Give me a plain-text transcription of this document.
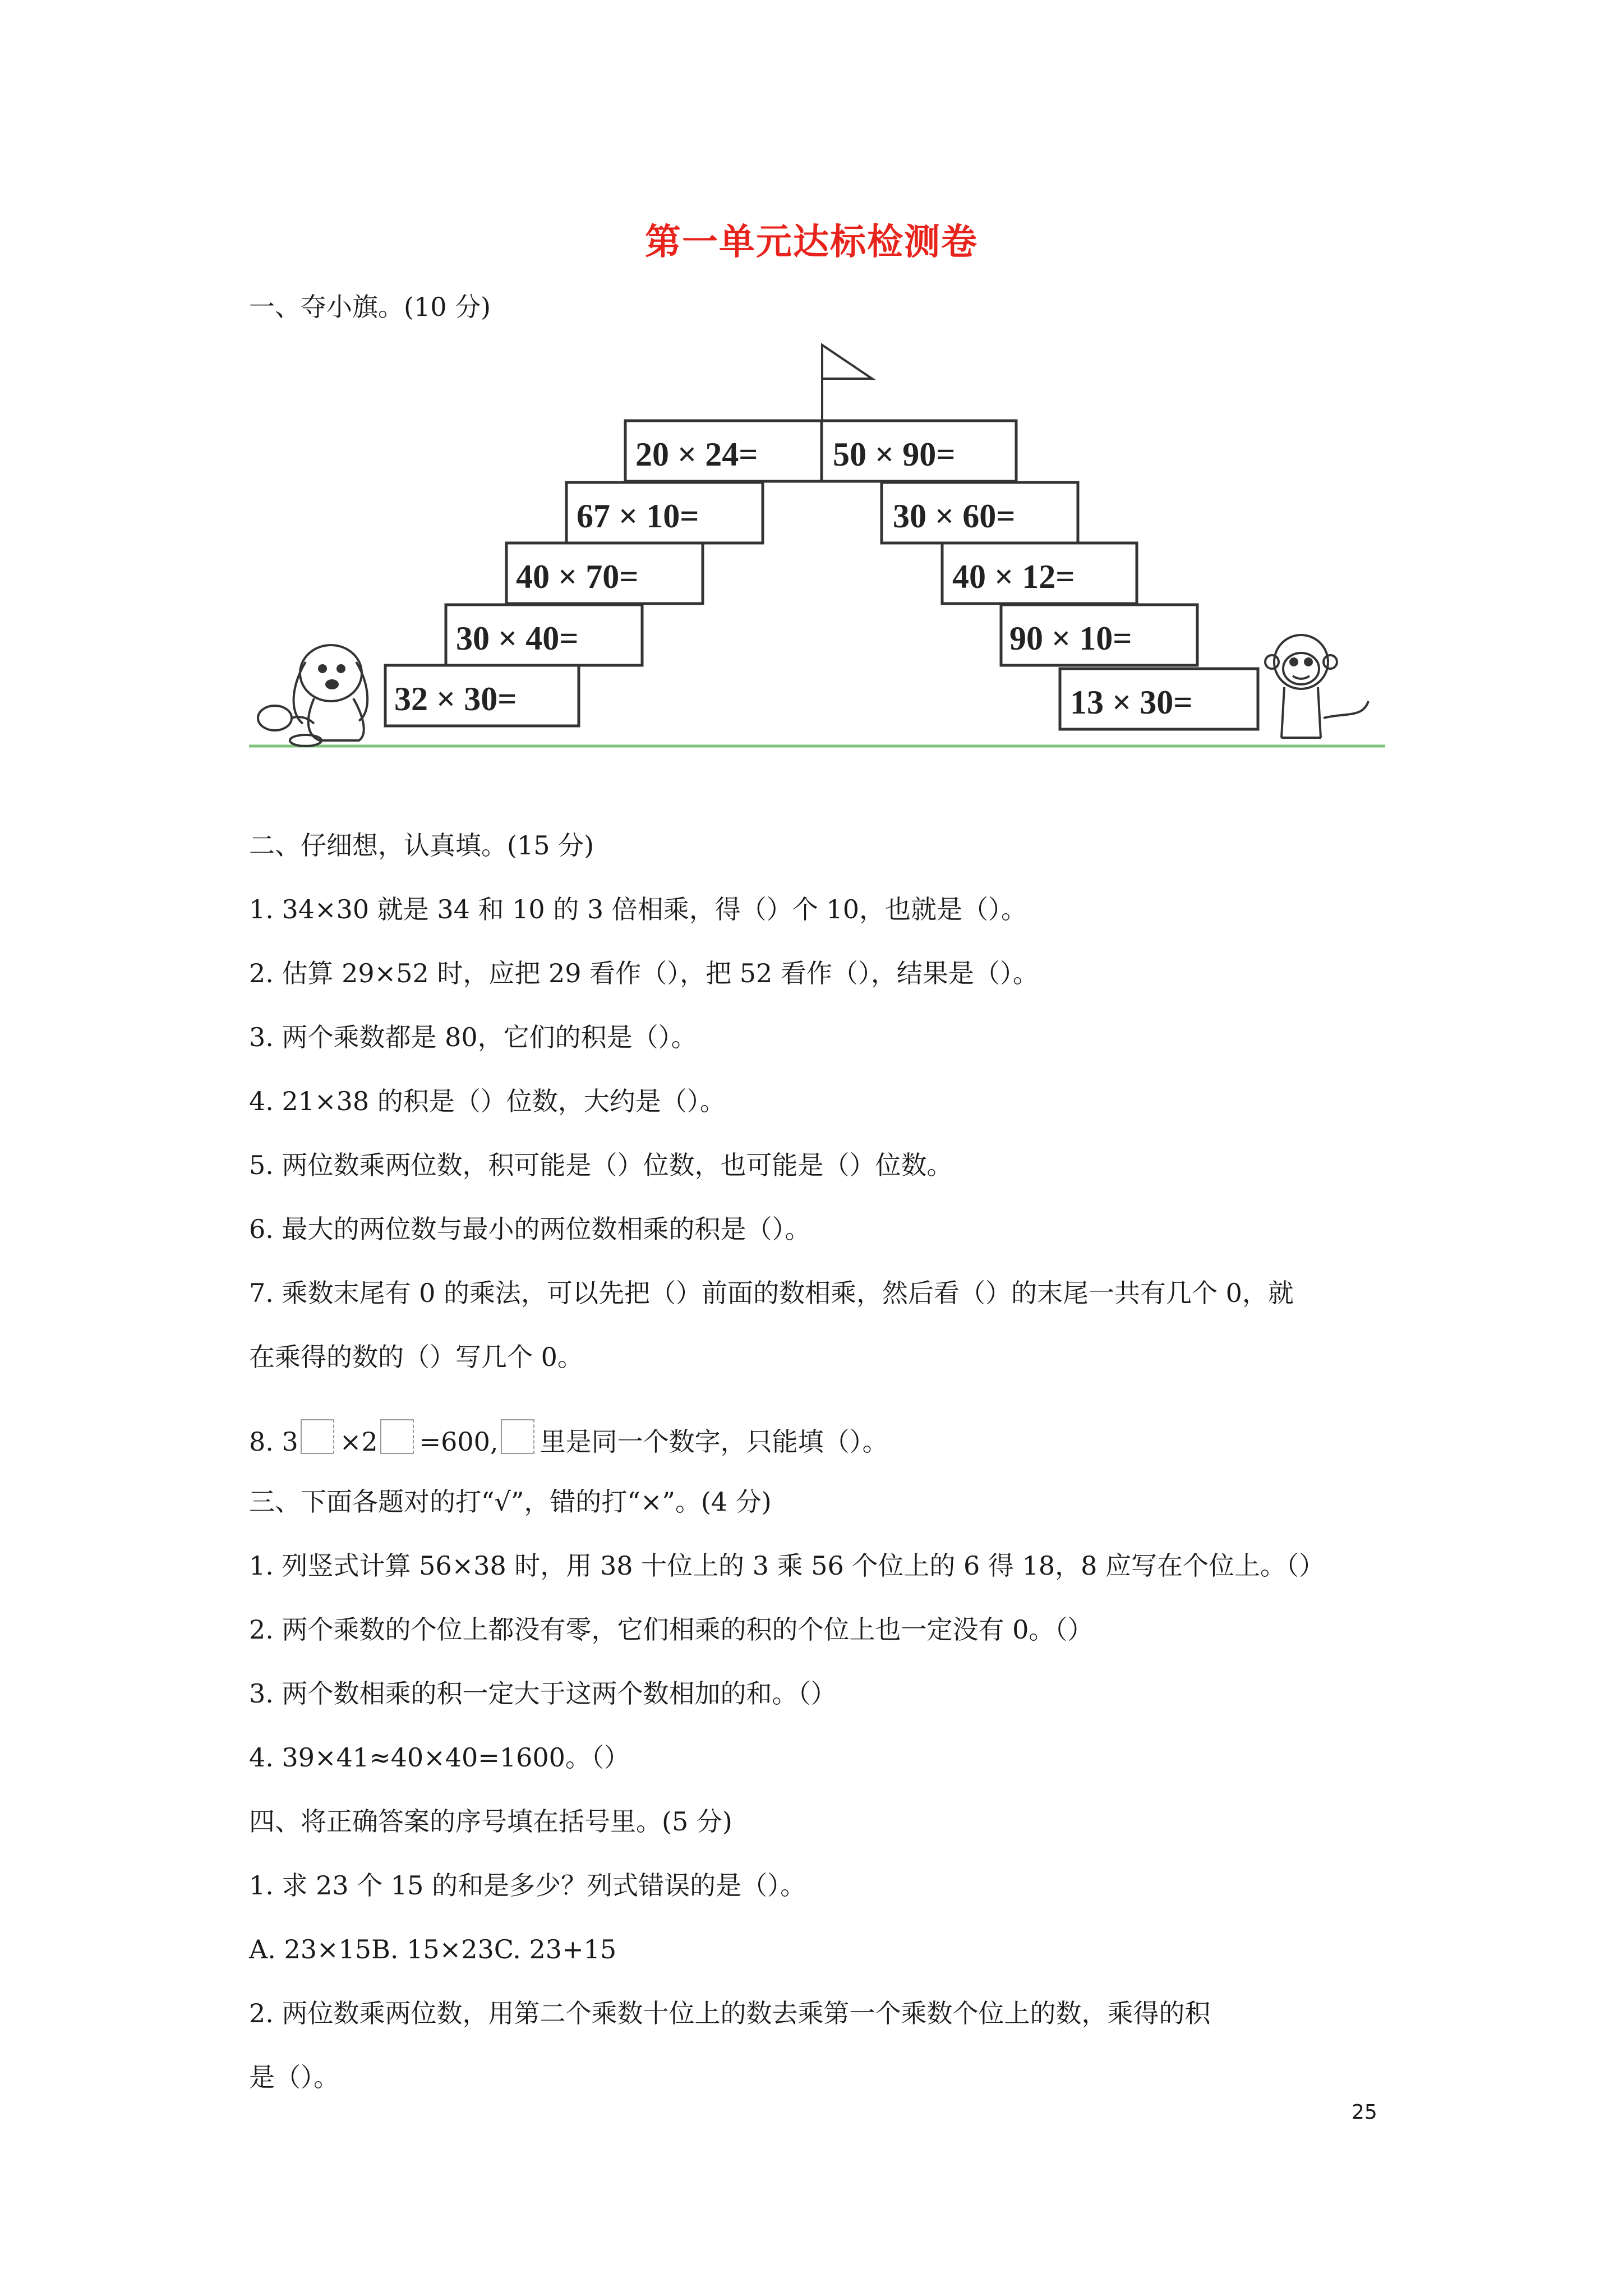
第一单元达标检测卷
一、夺小旗。(10 分)
20 × 24= 50 × 90=
67 × 10=	30 × 60=
40 × 70=	40 × 12=
30 × 40=	90 × 10=
32 × 30=	13 × 30=
二、仔细想，认真填。(15 分)
1. 34×30 就是 34 和 10 的 3 倍相乘，得（）个 10，也就是（）。
2. 估算 29×52 时，应把 29 看作（），把 52 看作（），结果是（）。
3. 两个乘数都是 80，它们的积是（）。
4. 21×38 的积是（）位数，大约是（）。
5. 两位数乘两位数，积可能是（）位数，也可能是（）位数。
6. 最大的两位数与最小的两位数相乘的积是（）。
7. 乘数末尾有 0 的乘法，可以先把（）前面的数相乘，然后看（）的末尾一共有几个 0，就
在乘得的数的（）写几个 0。
8. 3 ×2 =600, 里是同一个数字，只能填（）。
三、下面各题对的打“√”，错的打“×”。(4 分)
1. 列竖式计算 56×38 时，用 38 十位上的 3 乘 56 个位上的 6 得 18，8 应写在个位上。（）
2. 两个乘数的个位上都没有零，它们相乘的积的个位上也一定没有 0。（）
3. 两个数相乘的积一定大于这两个数相加的和。（）
4. 39×41≈40×40=1600。（）
四、将正确答案的序号填在括号里。(5 分)
1. 求 23 个 15 的和是多少？列式错误的是（）。
A. 23×15B. 15×23C. 23+15
2. 两位数乘两位数，用第二个乘数十位上的数去乘第一个乘数个位上的数，乘得的积
是（）。
25
